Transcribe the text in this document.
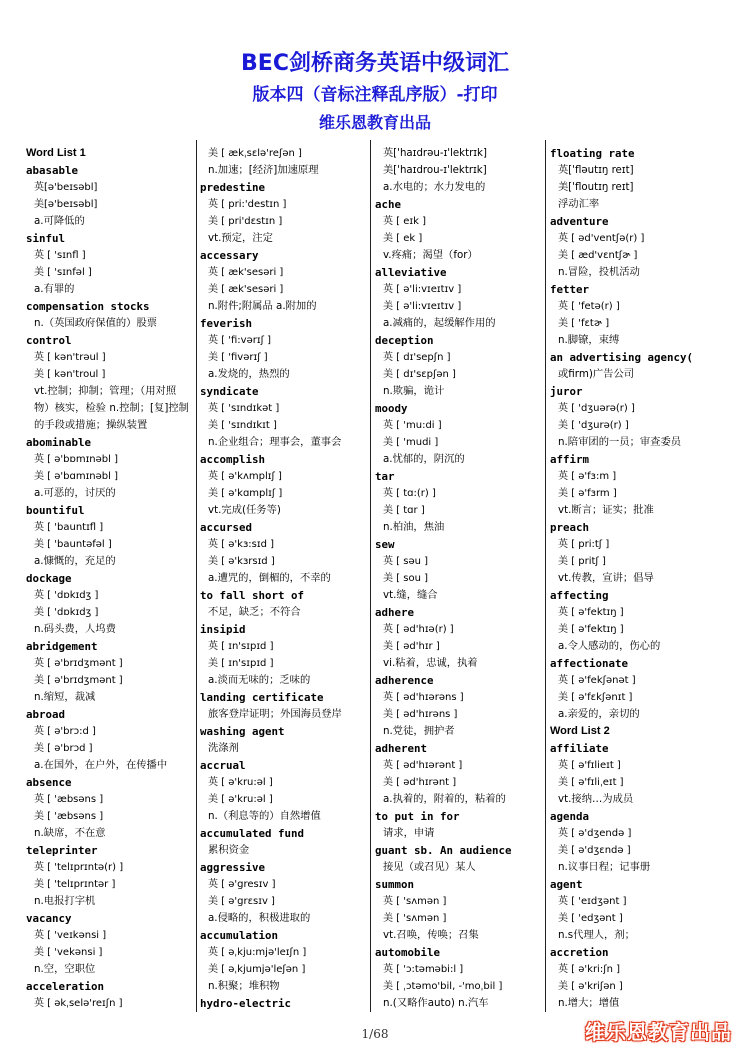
BEC剑桥商务英语中级词汇
版本四（音标注释乱序版）-打印
维乐恩教育出品
Word List 1
abasable
英[ə'beɪsəbl]
美[ə'beɪsəbl]
a.可降低的
sinful
英 [ 'sɪnfl ]
美 [ 'sɪnfəl ]
a.有罪的
compensation stocks
n.（英国政府保值的）股票
control
英 [ kən'trəul ]
美 [ kən'troul ]
vt.控制；抑制；管理；（用对照
物）核实，检验 n.控制；[复]控制
的手段或措施；操纵装置
abominable
英 [ ə'bɒmɪnəbl ]
美 [ ə'bɑmɪnəbl ]
a.可恶的，讨厌的
bountiful
英 [ 'bauntɪfl ]
美 [ 'bauntəfəl ]
a.慷慨的，充足的
dockage
英 [ 'dɒkɪdʒ ]
美 [ 'dɒkɪdʒ ]
n.码头费，人坞费
abridgement
英 [ ə'brɪdʒmənt ]
美 [ ə'brɪdʒmənt ]
n.缩短，裁减
abroad
英 [ ə'brɔ:d ]
美 [ ə'brɔd ]
a.在国外，在户外，在传播中
absence
英 [ 'æbsəns ]
美 [ 'æbsəns ]
n.缺席，不在意
teleprinter
英 [ 'telɪprɪntə(r) ]
美 [ 'telɪprɪntər ]
n.电报打字机
vacancy
英 [ 'veɪkənsi ]
美 [ 'vekənsi ]
n.空，空职位
acceleration
英 [ əkˌselə'reɪʃn ]
美 [ ækˌsɛlə'reʃən ]
n.加速；[经济]加速原理
predestine
英 [ pri:'destɪn ]
美 [ pri'dɛstɪn ]
vt.预定，注定
accessary
英 [ æk'sesəri ]
美 [ æk'sesəri ]
n.附件;附属品 a.附加的
feverish
英 [ 'fi:vərɪʃ ]
美 [ 'fivərɪʃ ]
a.发烧的，热烈的
syndicate
英 [ 'sɪndɪkət ]
美 [ 'sɪndɪkɪt ]
n.企业组合；理事会，董事会
accomplish
英 [ ə'kʌmplɪʃ ]
美 [ ə'kɑmplɪʃ ]
vt.完成(任务等)
accursed
英 [ ə'kɜ:sɪd ]
美 [ ə'kɜrsɪd ]
a.遭咒的，倒楣的，不幸的
to fall short of
不足，缺乏；不符合
insipid
英 [ ɪn'sɪpɪd ]
美 [ ɪn'sɪpɪd ]
a.淡而无味的；乏味的
landing certificate
旅客登岸证明；外国海员登岸
washing agent
洗涤剂
accrual
英 [ ə'kru:əl ]
美 [ ə'kru:əl ]
n.（利息等的）自然增值
accumulated fund
累积资金
aggressive
英 [ ə'gresɪv ]
美 [ ə'grɛsɪv ]
a.侵略的，积极进取的
accumulation
英 [ əˌkju:mjə'leɪʃn ]
美 [ əˌkjumjə'leʃən ]
n.积聚；堆积物
hydro-electric
英['haɪdrəu-ɪ'lektrɪk]
美['haɪdrou-ɪ'lektrɪk]
a.水电的；水力发电的
ache
英 [ eɪk ]
美 [ ek ]
v.疼痛；渴望（for）
alleviative
英 [ ə'li:vɪeɪtɪv ]
美 [ ə'li:vɪeɪtɪv ]
a.减痛的，起缓解作用的
deception
英 [ dɪ'sepʃn ]
美 [ dɪ'sɛpʃən ]
n.欺骗，诡计
moody
英 [ 'mu:di ]
美 [ 'mudi ]
a.忧郁的，阴沉的
tar
英 [ tɑ:(r) ]
美 [ tɑr ]
n.柏油，焦油
sew
英 [ səu ]
美 [ sou ]
vt.缝，缝合
adhere
英 [ əd'hɪə(r) ]
美 [ əd'hɪr ]
vi.粘着，忠诚，执着
adherence
英 [ əd'hɪərəns ]
美 [ əd'hɪrəns ]
n.党徒，拥护者
adherent
英 [ əd'hɪərənt ]
美 [ əd'hɪrənt ]
a.执着的，附着的，粘着的
to put in for
请求，申请
guant sb. An audience
接见（或召见）某人
summon
英 [ 'sʌmən ]
美 [ 'sʌmən ]
vt.召唤，传唤；召集
automobile
英 [ 'ɔ:təməbi:l ]
美 [ ˌɔtəmo'bil, -'moˌbil ]
n.(又略作auto) n.汽车
floating rate
英['fləutɪŋ reɪt]
美['floutɪŋ reɪt]
浮动汇率
adventure
英 [ əd'ventʃə(r) ]
美 [ æd'vɛntʃɚ ]
n.冒险，投机活动
fetter
英 [ 'fetə(r) ]
美 [ 'fɛtɚ ]
n.脚镣，束缚
an advertising agency(
或firm)广告公司
juror
英 [ 'dʒuərə(r) ]
美 [ 'dʒurə(r) ]
n.陪审团的一员；审查委员
affirm
英 [ ə'fɜ:m ]
美 [ ə'fɜrm ]
vt.断言；证实；批准
preach
英 [ pri:tʃ ]
美 [ pritʃ ]
vt.传教，宣讲；倡导
affecting
英 [ ə'fektɪŋ ]
美 [ ə'fektɪŋ ]
a.令人感动的，伤心的
affectionate
英 [ ə'fekʃənət ]
美 [ ə'fɛkʃənɪt ]
a.亲爱的，亲切的
Word List 2
affiliate
英 [ ə'fɪlieɪt ]
美 [ ə'fɪliˌeɪt ]
vt.接纳…为成员
agenda
英 [ ə'dʒendə ]
美 [ ə'dʒɛndə ]
n.议事日程；记事册
agent
英 [ 'eɪdʒənt ]
美 [ 'edʒənt ]
n.s代理人，剂；
accretion
英 [ ə'kri:ʃn ]
美 [ ə'kriʃən ]
n.增大；增值
1/68	维乐恩教育出品
